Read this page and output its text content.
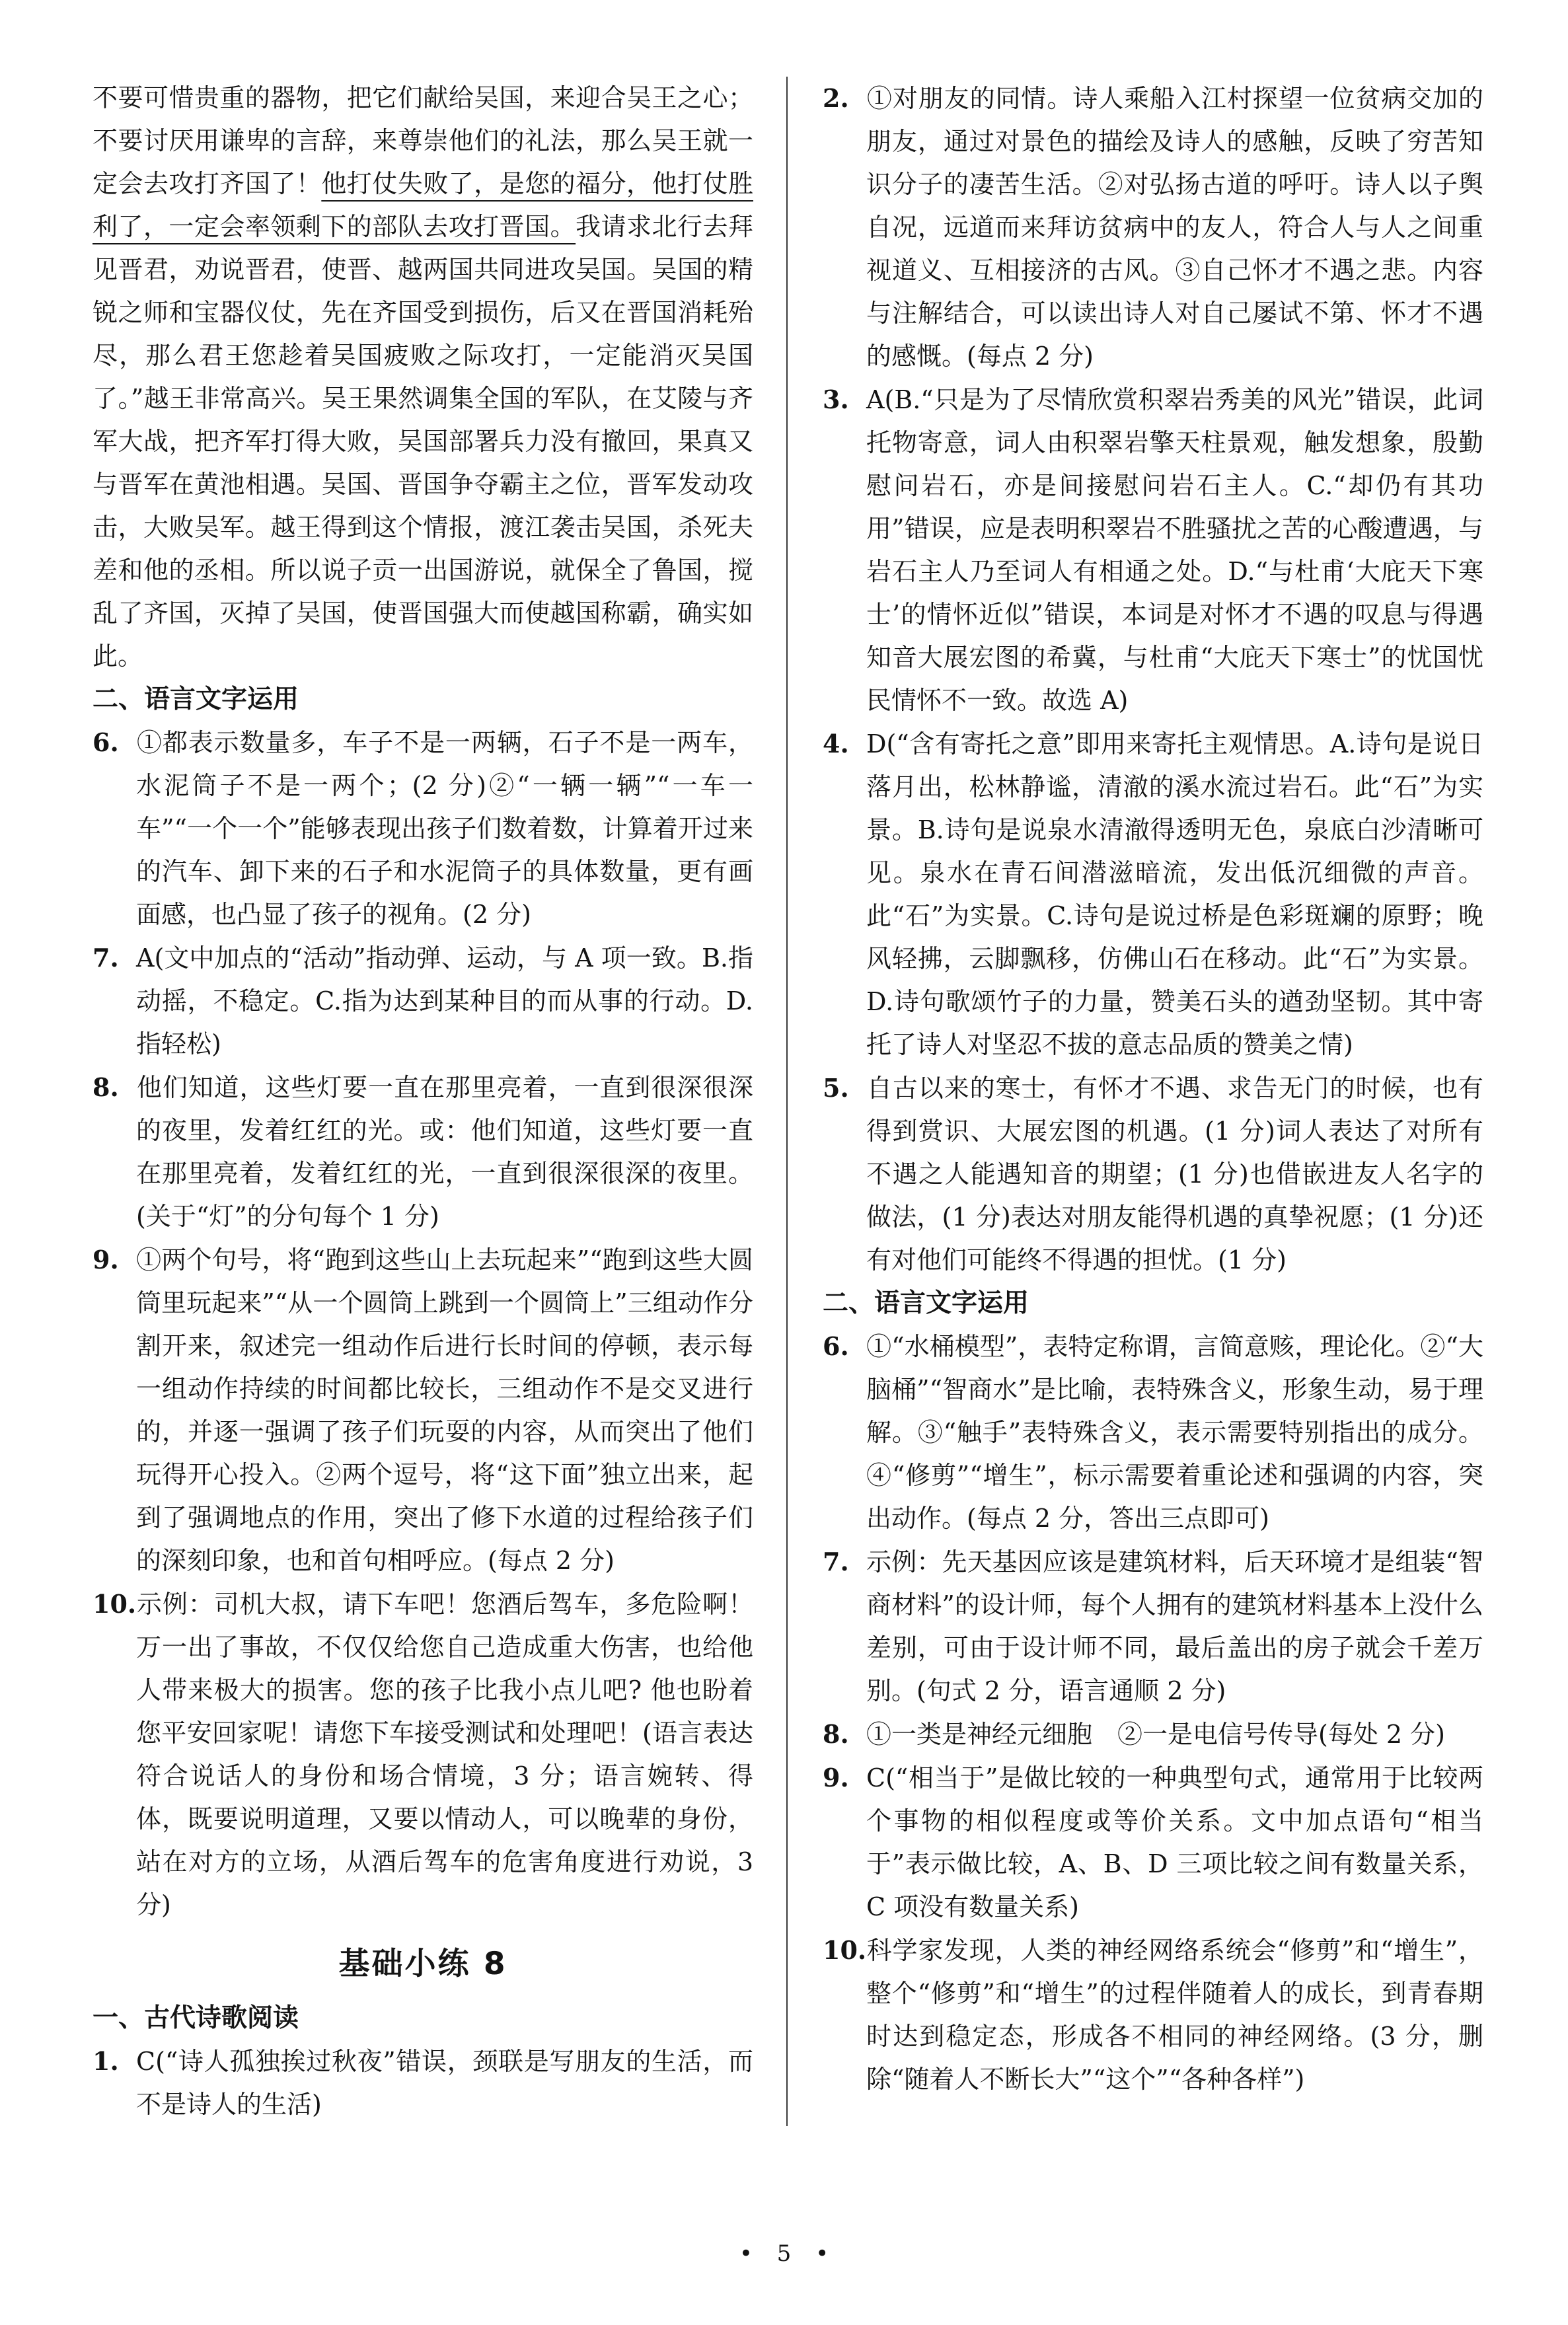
不要可惜贵重的器物，把它们献给吴国，来迎合吴王之心；不要讨厌用谦卑的言辞，来尊崇他们的礼法，那么吴王就一定会去攻打齐国了！他打仗失败了，是您的福分，他打仗胜利了，一定会率领剩下的部队去攻打晋国。我请求北行去拜见晋君，劝说晋君，使晋、越两国共同进攻吴国。吴国的精锐之师和宝器仪仗，先在齐国受到损伤，后又在晋国消耗殆尽，那么君王您趁着吴国疲败之际攻打，一定能消灭吴国了。”越王非常高兴。吴王果然调集全国的军队，在艾陵与齐军大战，把齐军打得大败，吴国部署兵力没有撤回，果真又与晋军在黄池相遇。吴国、晋国争夺霸主之位，晋军发动攻击，大败吴军。越王得到这个情报，渡江袭击吴国，杀死夫差和他的丞相。所以说子贡一出国游说，就保全了鲁国，搅乱了齐国，灭掉了吴国，使晋国强大而使越国称霸，确实如此。

二、语言文字运用

6. ①都表示数量多，车子不是一两辆，石子不是一两车，水泥筒子不是一两个；(2 分)②“一辆一辆”“一车一车”“一个一个”能够表现出孩子们数着数，计算着开过来的汽车、卸下来的石子和水泥筒子的具体数量，更有画面感，也凸显了孩子的视角。(2 分)
7. A(文中加点的“活动”指动弹、运动，与 A 项一致。B.指动摇，不稳定。C.指为达到某种目的而从事的行动。D.指轻松)
8. 他们知道，这些灯要一直在那里亮着，一直到很深很深的夜里，发着红红的光。或：他们知道，这些灯要一直在那里亮着，发着红红的光，一直到很深很深的夜里。(关于“灯”的分句每个 1 分)
9. ①两个句号，将“跑到这些山上去玩起来”“跑到这些大圆筒里玩起来”“从一个圆筒上跳到一个圆筒上”三组动作分割开来，叙述完一组动作后进行长时间的停顿，表示每一组动作持续的时间都比较长，三组动作不是交叉进行的，并逐一强调了孩子们玩耍的内容，从而突出了他们玩得开心投入。②两个逗号，将“这下面”独立出来，起到了强调地点的作用，突出了修下水道的过程给孩子们的深刻印象，也和首句相呼应。(每点 2 分)
10.示例：司机大叔，请下车吧！您酒后驾车，多危险啊！万一出了事故，不仅仅给您自己造成重大伤害，也给他人带来极大的损害。您的孩子比我小点儿吧? 他也盼着您平安回家呢！请您下车接受测试和处理吧！(语言表达符合说话人的身份和场合情境，3 分；语言婉转、得体，既要说明道理，又要以情动人，可以晚辈的身份，站在对方的立场，从酒后驾车的危害角度进行劝说，3 分)

基础小练 8

一、古代诗歌阅读

1. C(“诗人孤独挨过秋夜”错误，颈联是写朋友的生活，而不是诗人的生活)
2. ①对朋友的同情。诗人乘船入江村探望一位贫病交加的朋友，通过对景色的描绘及诗人的感触，反映了穷苦知识分子的凄苦生活。②对弘扬古道的呼吁。诗人以子舆自况，远道而来拜访贫病中的友人，符合人与人之间重视道义、互相接济的古风。③自己怀才不遇之悲。内容与注解结合，可以读出诗人对自己屡试不第、怀才不遇的感慨。(每点 2 分)
3. A(B.“只是为了尽情欣赏积翠岩秀美的风光”错误，此词托物寄意，词人由积翠岩擎天柱景观，触发想象，殷勤慰问岩石，亦是间接慰问岩石主人。C.“却仍有其功用”错误，应是表明积翠岩不胜骚扰之苦的心酸遭遇，与岩石主人乃至词人有相通之处。D.“与杜甫‘大庇天下寒士’的情怀近似”错误，本词是对怀才不遇的叹息与得遇知音大展宏图的希冀，与杜甫“大庇天下寒士”的忧国忧民情怀不一致。故选 A)
4. D(“含有寄托之意”即用来寄托主观情思。A.诗句是说日落月出，松林静谧，清澈的溪水流过岩石。此“石”为实景。B.诗句是说泉水清澈得透明无色，泉底白沙清晰可见。泉水在青石间潜滋暗流，发出低沉细微的声音。此“石”为实景。C.诗句是说过桥是色彩斑斓的原野；晚风轻拂，云脚飘移，仿佛山石在移动。此“石”为实景。D.诗句歌颂竹子的力量，赞美石头的遒劲坚韧。其中寄托了诗人对坚忍不拔的意志品质的赞美之情)
5. 自古以来的寒士，有怀才不遇、求告无门的时候，也有得到赏识、大展宏图的机遇。(1 分)词人表达了对所有不遇之人能遇知音的期望；(1 分)也借嵌进友人名字的做法，(1 分)表达对朋友能得机遇的真挚祝愿；(1 分)还有对他们可能终不得遇的担忧。(1 分)

二、语言文字运用

6. ①“水桶模型”，表特定称谓，言简意赅，理论化。②“大脑桶”“智商水”是比喻，表特殊含义，形象生动，易于理解。③“触手”表特殊含义，表示需要特别指出的成分。④“修剪”“增生”，标示需要着重论述和强调的内容，突出动作。(每点 2 分，答出三点即可)
7. 示例：先天基因应该是建筑材料，后天环境才是组装“智商材料”的设计师，每个人拥有的建筑材料基本上没什么差别，可由于设计师不同，最后盖出的房子就会千差万别。(句式 2 分，语言通顺 2 分)
8. ①一类是神经元细胞　②一是电信号传导(每处 2 分)
9. C(“相当于”是做比较的一种典型句式，通常用于比较两个事物的相似程度或等价关系。文中加点语句“相当于”表示做比较，A、B、D 三项比较之间有数量关系，C 项没有数量关系)
10.科学家发现，人类的神经网络系统会“修剪”和“增生”，整个“修剪”和“增生”的过程伴随着人的成长，到青春期时达到稳定态，形成各不相同的神经网络。(3 分，删除“随着人不断长大”“这个”“各种各样”)
• 5 •
